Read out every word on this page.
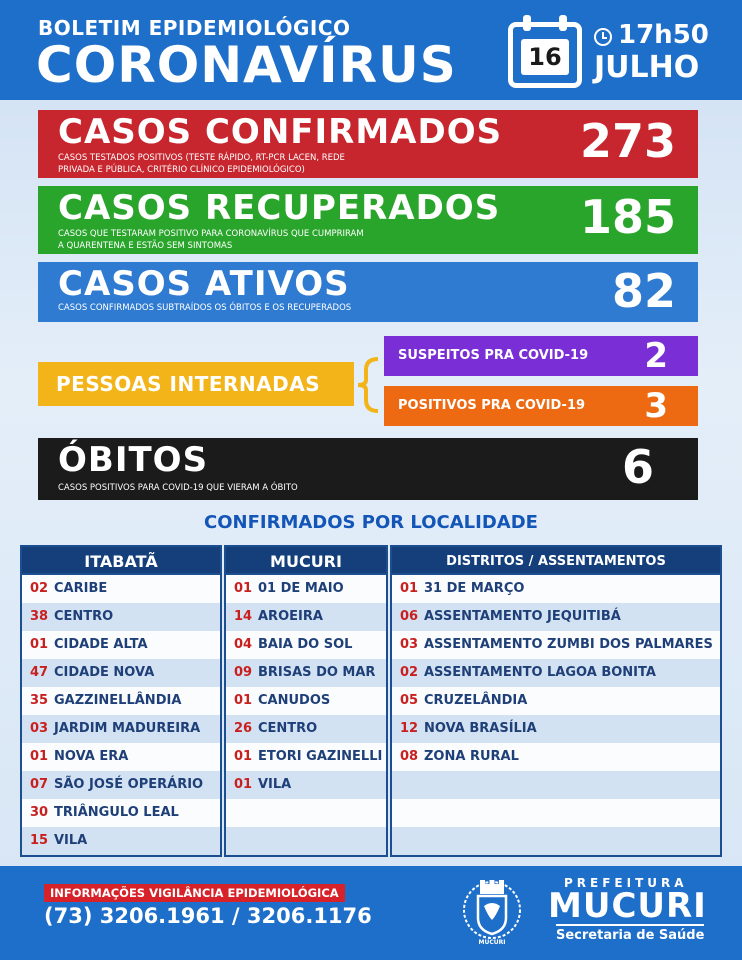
BOLETIM EPIDEMIOLÓGICO
CORONAVÍRUS	16
17h50
JULHO
CASOS CONFIRMADOS
CASOS TESTADOS POSITIVOS (TESTE RÁPIDO, RT-PCR LACEN, REDE
PRIVADA E PÚBLICA, CRITÉRIO CLÍNICO EPIDEMIOLÓGICO)
273
CASOS RECUPERADOS
CASOS QUE TESTARAM POSITIVO PARA CORONAVÍRUS QUE CUMPRIRAM
A QUARENTENA E ESTÃO SEM SINTOMAS
185
CASOS ATIVOS
CASOS CONFIRMADOS SUBTRAÍDOS OS ÓBITOS E OS RECUPERADOS	82
PESSOAS INTERNADAS
SUSPEITOS PRA COVID-19 2
POSITIVOS PRA COVID-19 3
ÓBITOS
CASOS POSITIVOS PARA COVID-19 QUE VIERAM A ÓBITO	6
CONFIRMADOS POR LOCALIDADE
ITABATÃ
02 CARIBE
38 CENTRO
01 CIDADE ALTA
47 CIDADE NOVA
35 GAZZINELLÂNDIA
03 JARDIM MADUREIRA
01 NOVA ERA
07 SÃO JOSÉ OPERÁRIO
30 TRIÂNGULO LEAL
15 VILA
MUCURI
01 01 DE MAIO
14 AROEIRA
04 BAIA DO SOL
09 BRISAS DO MAR
01 CANUDOS
26 CENTRO
01 ETORI GAZINELLI
01 VILA
DISTRITOS / ASSENTAMENTOS
01 31 DE MARÇO
06 ASSENTAMENTO JEQUITIBÁ
03 ASSENTAMENTO ZUMBI DOS PALMARES
02 ASSENTAMENTO LAGOA BONITA
05 CRUZELÂNDIA
12 NOVA BRASÍLIA
08 ZONA RURAL
INFORMAÇÕES VIGILÂNCIA EPIDEMIOLÓGICA
(73) 3206.1961 / 3206.1176
MUCURI
PREFEITURA
MUCURI
Secretaria de Saúde
